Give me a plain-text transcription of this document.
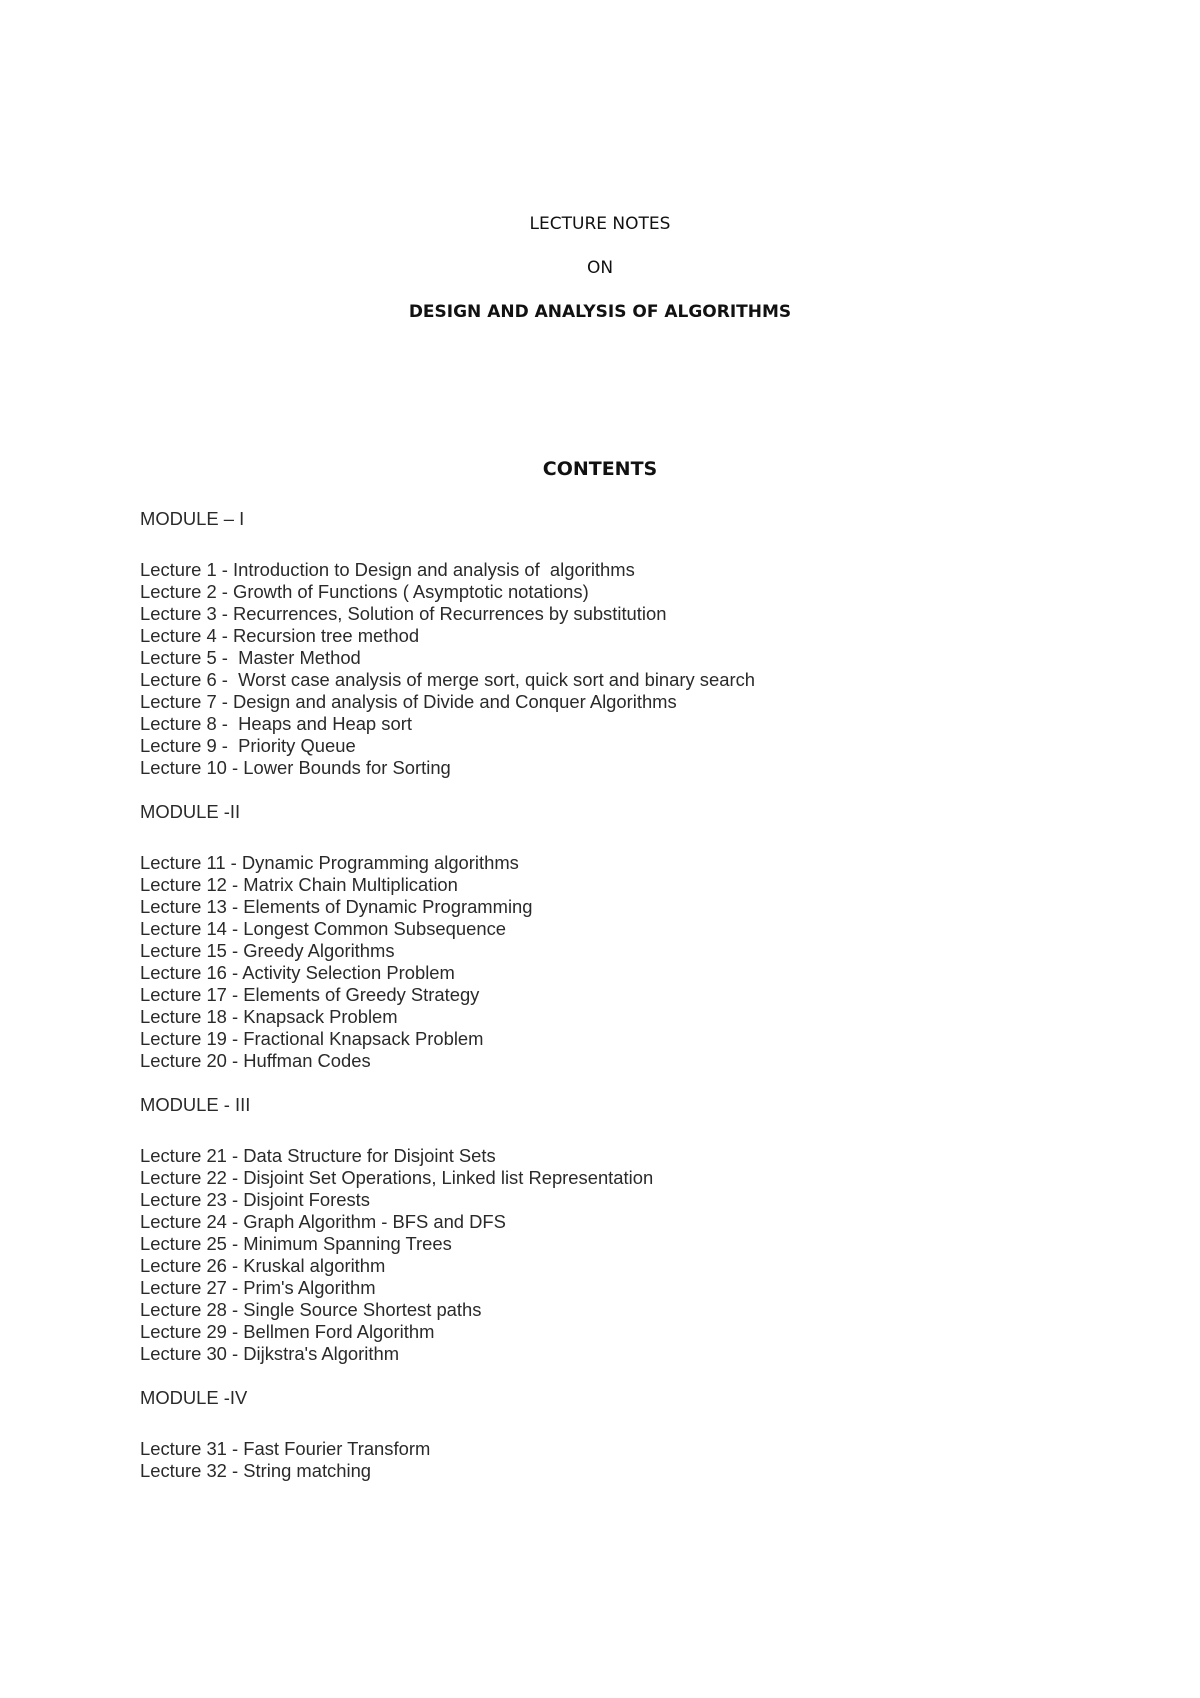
LECTURE NOTES
ON
DESIGN AND ANALYSIS OF ALGORITHMS
CONTENTS
MODULE – I
Lecture 1 - Introduction to Design and analysis of  algorithms
Lecture 2 - Growth of Functions ( Asymptotic notations)
Lecture 3 - Recurrences, Solution of Recurrences by substitution
Lecture 4 - Recursion tree method
Lecture 5 -  Master Method
Lecture 6 -  Worst case analysis of merge sort, quick sort and binary search
Lecture 7 - Design and analysis of Divide and Conquer Algorithms
Lecture 8 -  Heaps and Heap sort
Lecture 9 -  Priority Queue
Lecture 10 - Lower Bounds for Sorting
MODULE -II
Lecture 11 - Dynamic Programming algorithms
Lecture 12 - Matrix Chain Multiplication
Lecture 13 - Elements of Dynamic Programming
Lecture 14 - Longest Common Subsequence
Lecture 15 - Greedy Algorithms
Lecture 16 - Activity Selection Problem
Lecture 17 - Elements of Greedy Strategy
Lecture 18 - Knapsack Problem
Lecture 19 - Fractional Knapsack Problem
Lecture 20 - Huffman Codes
MODULE - III
Lecture 21 - Data Structure for Disjoint Sets
Lecture 22 - Disjoint Set Operations, Linked list Representation
Lecture 23 - Disjoint Forests
Lecture 24 - Graph Algorithm - BFS and DFS
Lecture 25 - Minimum Spanning Trees
Lecture 26 - Kruskal algorithm
Lecture 27 - Prim's Algorithm
Lecture 28 - Single Source Shortest paths
Lecture 29 - Bellmen Ford Algorithm
Lecture 30 - Dijkstra's Algorithm
MODULE -IV
Lecture 31 - Fast Fourier Transform
Lecture 32 - String matching
